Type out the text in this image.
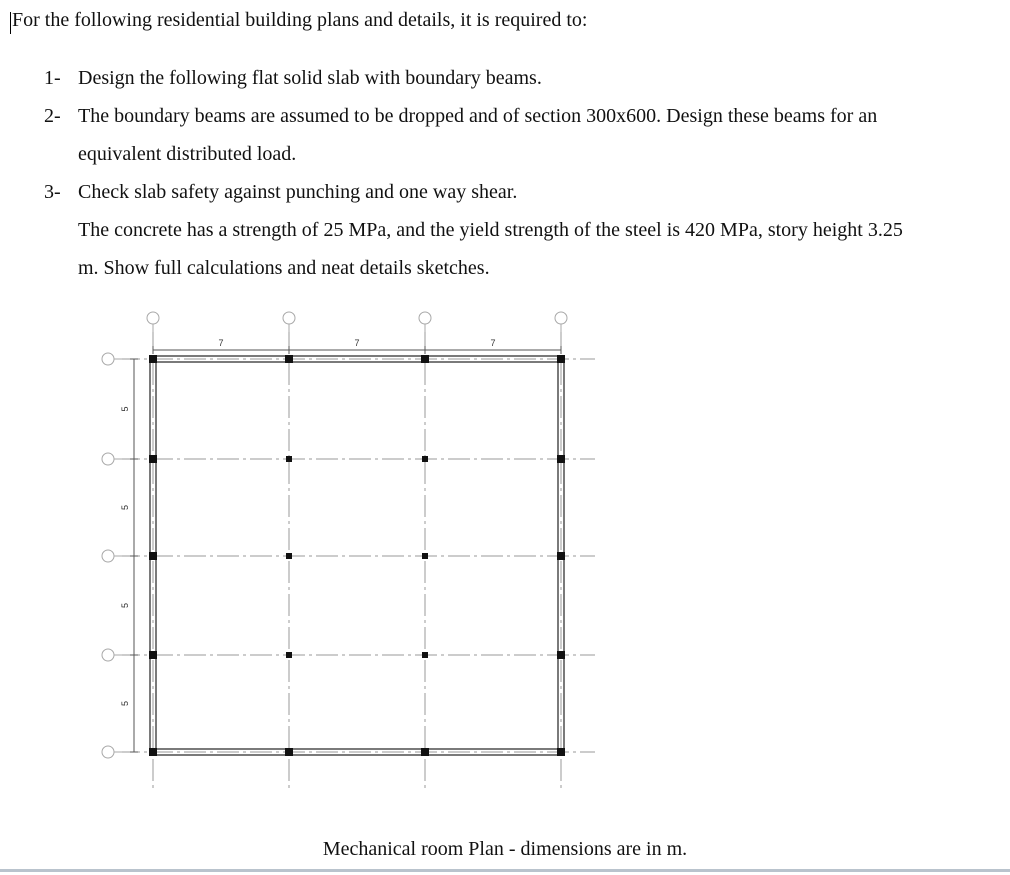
For the following residential building plans and details, it is required to:
1- Design the following flat solid slab with boundary beams.
2- The boundary beams are assumed to be dropped and of section 300x600. Design these beams for an
equivalent distributed load.
3- Check slab safety against punching and one way shear.
The concrete has a strength of 25 MPa, and the yield strength of the steel is 420 MPa, story height 3.25
m. Show full calculations and neat details sketches.
7	7	7
5
5
5
5
Mechanical room Plan - dimensions are in m.
